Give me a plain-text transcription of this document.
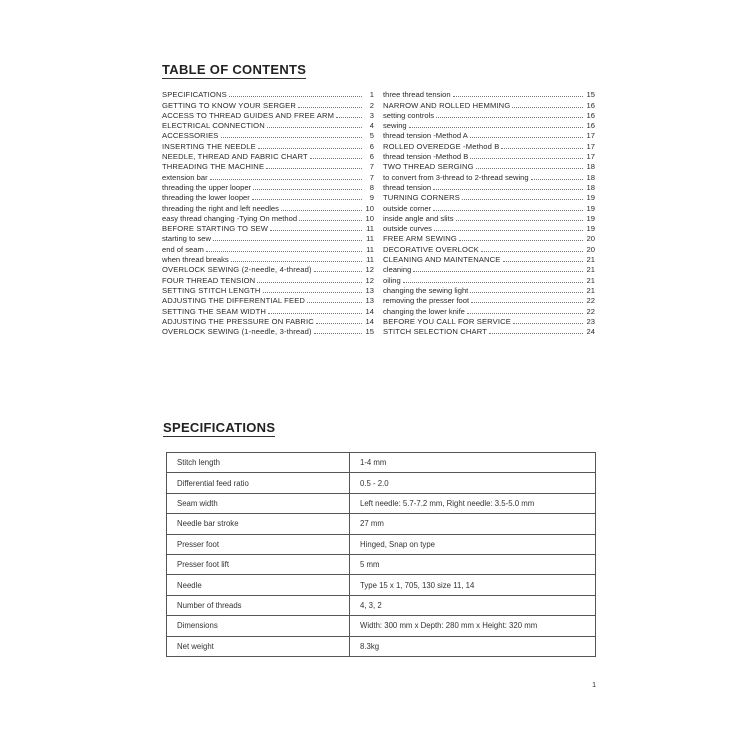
TABLE OF CONTENTS
SPECIFICATIONS	1
GETTING TO KNOW YOUR SERGER	2
ACCESS TO THREAD GUIDES AND FREE ARM	3
ELECTRICAL CONNECTION	4
ACCESSORIES	5
INSERTING THE NEEDLE	6
NEEDLE, THREAD AND FABRIC CHART	6
THREADING THE MACHINE	7
extension bar	7
threading the upper looper	8
threading the lower looper	9
threading the right and left needles	10
easy thread changing -Tying On method	10
BEFORE STARTING TO SEW	11
starting to sew	11
end of seam	11
when thread breaks	11
OVERLOCK SEWING (2-needle, 4-thread)	12
FOUR THREAD TENSION	12
SETTING STITCH LENGTH	13
ADJUSTING THE DIFFERENTIAL FEED	13
SETTING THE SEAM WIDTH	14
ADJUSTING THE PRESSURE ON FABRIC	14
OVERLOCK SEWING (1-needle, 3-thread)	15
three thread tension	15
NARROW AND ROLLED HEMMING	16
setting controls	16
sewing	16
thread tension -Method A	17
ROLLED OVEREDGE -Method B	17
thread tension -Method B	17
TWO THREAD SERGING	18
to convert from 3-thread to 2-thread sewing	18
thread tension	18
TURNING CORNERS	19
outside corner	19
inside angle and slits	19
outside curves	19
FREE ARM SEWING	20
DECORATIVE OVERLOCK	20
CLEANING AND MAINTENANCE	21
cleaning	21
oiling	21
changing the sewing light	21
removing the presser foot	22
changing the lower knife	22
BEFORE YOU CALL FOR SERVICE	23
STITCH SELECTION CHART	24
SPECIFICATIONS
Stitch length	1-4 mm
Differential feed ratio	0.5 - 2.0
Seam width	Left needle: 5.7-7.2 mm, Right needle: 3.5-5.0 mm
Needle bar stroke	27 mm
Presser foot	Hinged, Snap on type
Presser foot lift	5 mm
Needle	Type 15 x 1, 705, 130 size 11, 14
Number of threads	4, 3, 2
Dimensions	Width: 300 mm x Depth: 280 mm x Height: 320 mm
Net weight	8.3kg
1
